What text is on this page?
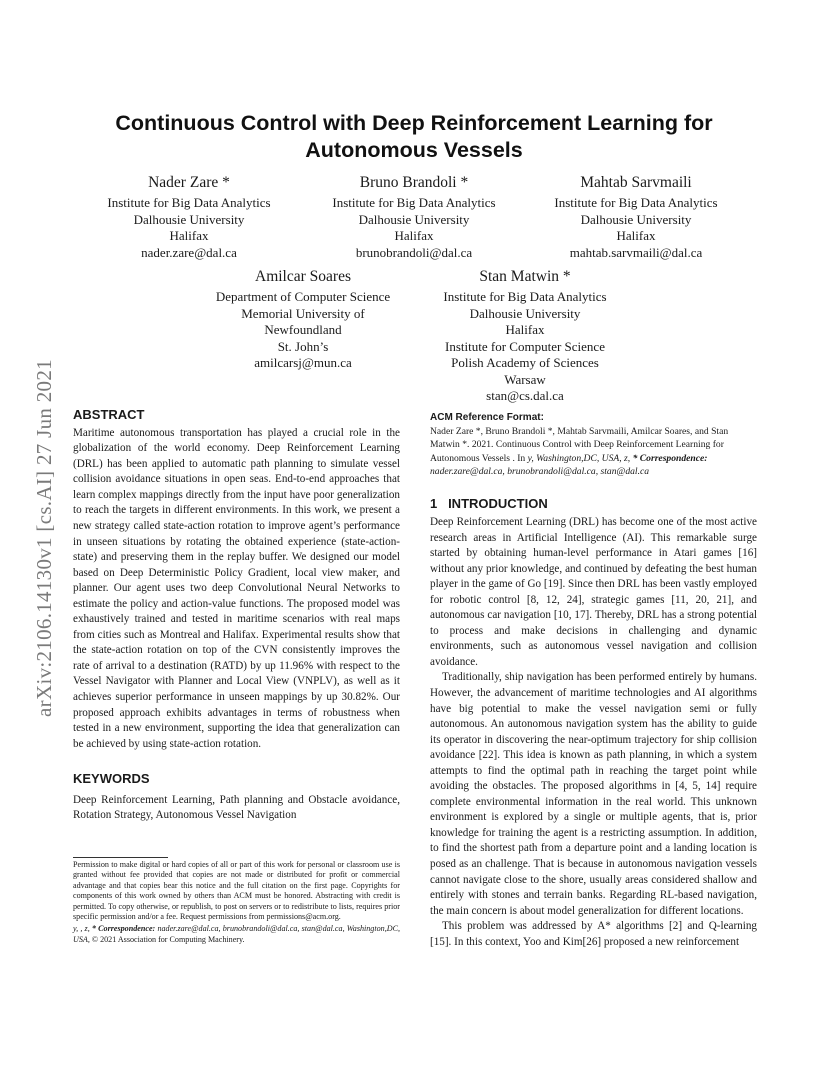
arXiv:2106.14130v1 [cs.AI] 27 Jun 2021
Continuous Control with Deep Reinforcement Learning for
Autonomous Vessels
Nader Zare *
Institute for Big Data Analytics
Dalhousie University
Halifax
nader.zare@dal.ca
Bruno Brandoli *
Institute for Big Data Analytics
Dalhousie University
Halifax
brunobrandoli@dal.ca
Mahtab Sarvmaili
Institute for Big Data Analytics
Dalhousie University
Halifax
mahtab.sarvmaili@dal.ca
Amilcar Soares
Department of Computer Science
Memorial University of
Newfoundland
St. John’s
amilcarsj@mun.ca
Stan Matwin *
Institute for Big Data Analytics
Dalhousie University
Halifax
Institute for Computer Science
Polish Academy of Sciences
Warsaw
stan@cs.dal.ca
ABSTRACT

Maritime autonomous transportation has played a crucial role in the globalization of the world economy. Deep Reinforcement Learning (DRL) has been applied to automatic path planning to simulate vessel collision avoidance situations in open seas. End-to-end approaches that learn complex mappings directly from the input have poor generalization to reach the targets in different environments. In this work, we present a new strategy called state-action rotation to improve agent’s performance in unseen situations by rotating the obtained experience (state-action-state) and preserving them in the replay buffer. We designed our model based on Deep Deterministic Policy Gradient, local view maker, and planner. Our agent uses two deep Convolutional Neural Networks to estimate the policy and action-value functions. The proposed model was exhaustively trained and tested in maritime scenarios with real maps from cities such as Montreal and Halifax. Experimental results show that the state-action rotation on top of the CVN consistently improves the rate of arrival to a destination (RATD) by up 11.96% with respect to the Vessel Navigator with Planner and Local View (VNPLV), as well as it achieves superior performance in unseen mappings by up 30.82%. Our proposed approach exhibits advantages in terms of robustness when tested in a new environment, supporting the idea that generalization can be achieved by using state-action rotation.

KEYWORDS

Deep Reinforcement Learning, Path planning and Obstacle avoidance, Rotation Strategy, Autonomous Vessel Navigation

Permission to make digital or hard copies of all or part of this work for personal or classroom use is granted without fee provided that copies are not made or distributed for profit or commercial advantage and that copies bear this notice and the full citation on the first page. Copyrights for components of this work owned by others than ACM must be honored. Abstracting with credit is permitted. To copy otherwise, or republish, to post on servers or to redistribute to lists, requires prior specific permission and/or a fee. Request permissions from permissions@acm.org.

y, , z, * Correspondence: nader.zare@dal.ca, brunobrandoli@dal.ca, stan@dal.ca, Washington,DC, USA, © 2021 Association for Computing Machinery.

ACM Reference Format:
Nader Zare *, Bruno Brandoli *, Mahtab Sarvmaili, Amilcar Soares, and Stan Matwin *. 2021. Continuous Control with Deep Reinforcement Learning for Autonomous Vessels . In y, Washington,DC, USA, z, * Correspondence: nader.zare@dal.ca, brunobrandoli@dal.ca, stan@dal.ca
1   INTRODUCTION

Deep Reinforcement Learning (DRL) has become one of the most active research areas in Artificial Intelligence (AI). This remarkable surge started by obtaining human-level performance in Atari games [16] without any prior knowledge, and continued by defeating the best human player in the game of Go [19]. Since then DRL has been vastly employed for robotic control [8, 12, 24], strategic games [11, 20, 21], and autonomous car navigation [10, 17]. Thereby, DRL has a strong potential to process and make decisions in challenging and dynamic environments, such as autonomous vessel navigation and collision avoidance.

Traditionally, ship navigation has been performed entirely by humans. However, the advancement of maritime technologies and AI algorithms have big potential to make the vessel navigation semi or fully autonomous. An autonomous navigation system has the ability to guide its operator in discovering the near-optimum trajectory for ship collision avoidance [22]. This idea is known as path planning, in which a system attempts to find the optimal path in reaching the target point while avoiding the obstacles. The proposed algorithms in [4, 5, 14] require complete environmental information in the real world. This unknown environment is explored by a single or multiple agents, that is, prior knowledge for training the agent is a restricting assumption. In addition, to find the shortest path from a departure point and a landing location is posed as an challenge. That is because in autonomous navigation vessels cannot navigate close to the shore, usually areas considered shallow and entirely with stones and terrain banks. Regarding RL-based navigation, the main concern is about model generalization for different locations.

This problem was addressed by A* algorithms [2] and Q-learning [15]. In this context, Yoo and Kim[26] proposed a new reinforcement
